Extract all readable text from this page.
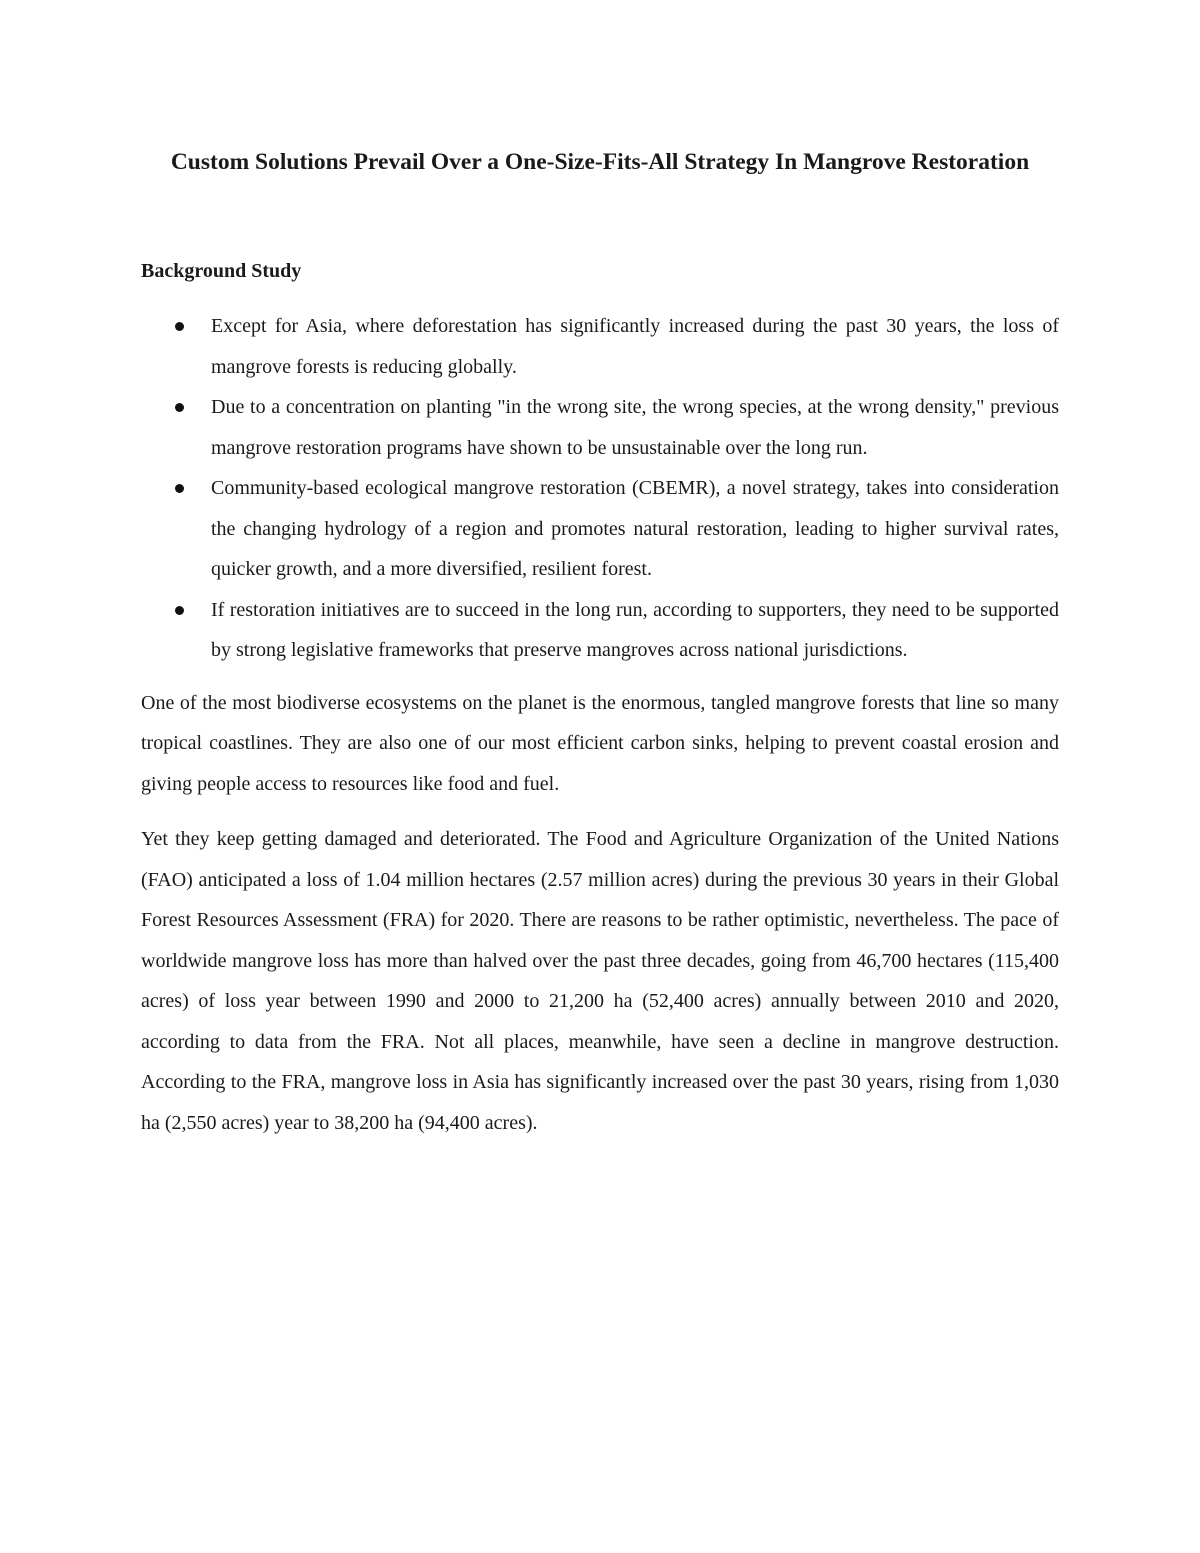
Custom Solutions Prevail Over a One-Size-Fits-All Strategy In Mangrove Restoration
Background Study
Except for Asia, where deforestation has significantly increased during the past 30 years, the loss of mangrove forests is reducing globally.
Due to a concentration on planting "in the wrong site, the wrong species, at the wrong density," previous mangrove restoration programs have shown to be unsustainable over the long run.
Community-based ecological mangrove restoration (CBEMR), a novel strategy, takes into consideration the changing hydrology of a region and promotes natural restoration, leading to higher survival rates, quicker growth, and a more diversified, resilient forest.
If restoration initiatives are to succeed in the long run, according to supporters, they need to be supported by strong legislative frameworks that preserve mangroves across national jurisdictions.

One of the most biodiverse ecosystems on the planet is the enormous, tangled mangrove forests that line so many tropical coastlines. They are also one of our most efficient carbon sinks, helping to prevent coastal erosion and giving people access to resources like food and fuel.

Yet they keep getting damaged and deteriorated. The Food and Agriculture Organization of the United Nations (FAO) anticipated a loss of 1.04 million hectares (2.57 million acres) during the previous 30 years in their Global Forest Resources Assessment (FRA) for 2020. There are reasons to be rather optimistic, nevertheless. The pace of worldwide mangrove loss has more than halved over the past three decades, going from 46,700 hectares (115,400 acres) of loss year between 1990 and 2000 to 21,200 ha (52,400 acres) annually between 2010 and 2020, according to data from the FRA. Not all places, meanwhile, have seen a decline in mangrove destruction. According to the FRA, mangrove loss in Asia has significantly increased over the past 30 years, rising from 1,030 ha (2,550 acres) year to 38,200 ha (94,400 acres).
